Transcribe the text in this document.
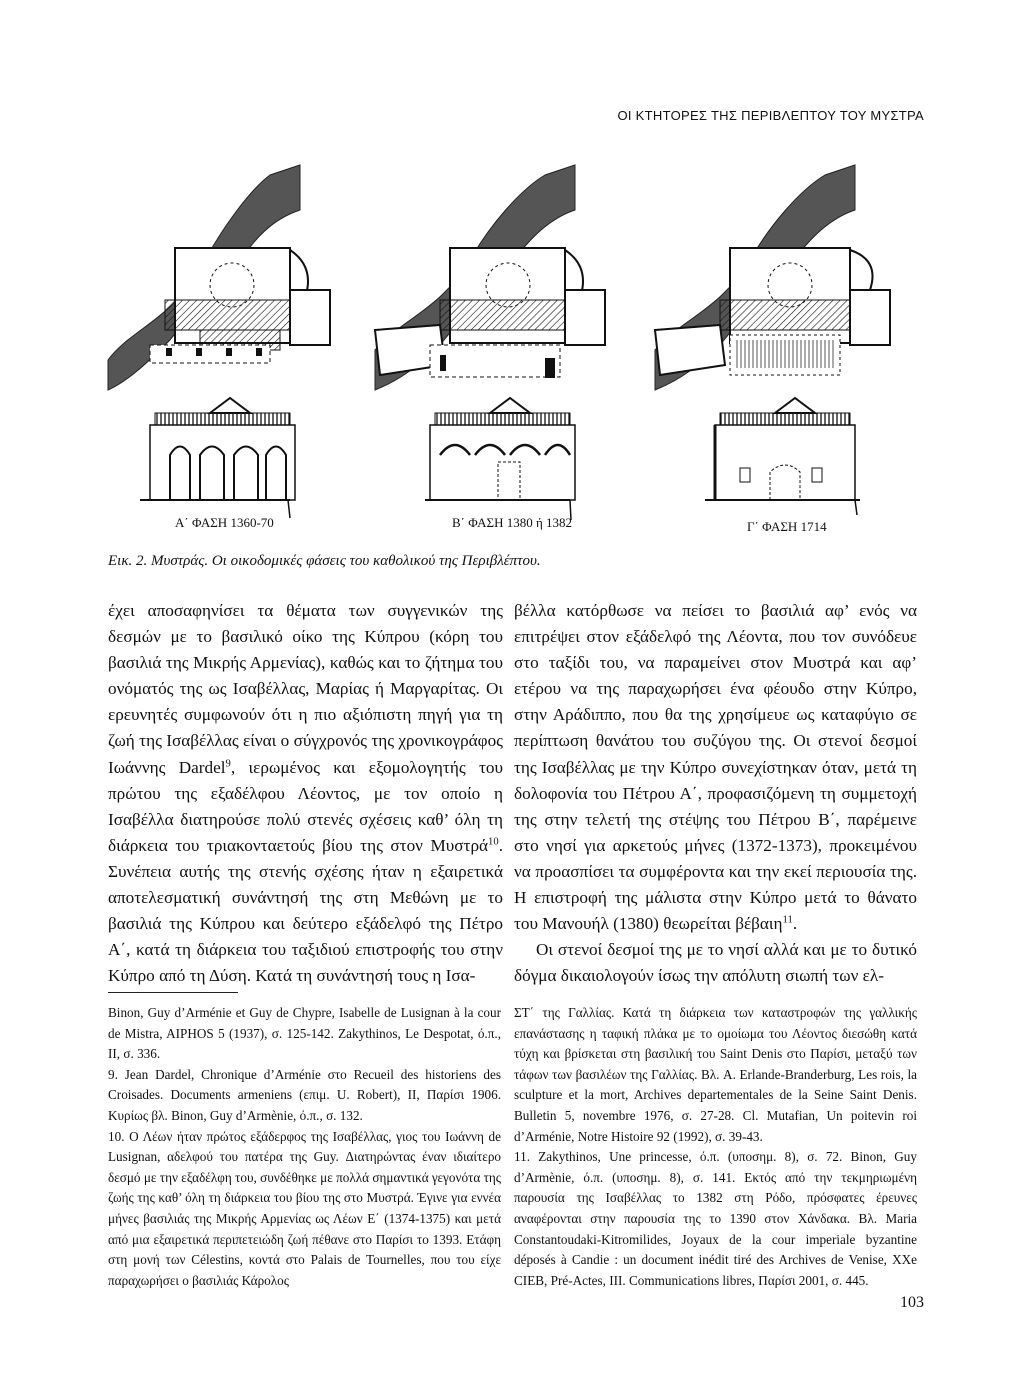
ΟΙ ΚΤΗΤΟΡΕΣ ΤΗΣ ΠΕΡΙΒΛΕΠΤΟΥ ΤΟΥ ΜΥΣΤΡΑ
Α΄ ΦΑΣΗ 1360-70	Β΄ ΦΑΣΗ 1380 ή 1382	Γ΄ ΦΑΣΗ 1714
Εικ. 2. Μυστράς. Οι οικοδομικές φάσεις του καθολικού της Περιβλέπτου.

έχει αποσαφηνίσει τα θέματα των συγγενικών της δεσμών με το βασιλικό οίκο της Κύπρου (κόρη του βασιλιά της Μικρής Αρμενίας), καθώς και το ζήτημα του ονόματός της ως Ισαβέλλας, Μαρίας ή Μαργαρίτας. Οι ερευνητές συμφωνούν ότι η πιο αξιόπιστη πηγή για τη ζωή της Ισαβέλλας είναι ο σύγχρονός της χρονικογράφος Ιωάννης Dardel$^9$, ιερωμένος και εξομολογητής του πρώτου της εξαδέλφου Λέοντος, με τον οποίο η Ισαβέλλα διατηρούσε πολύ στενές σχέσεις καθ’ όλη τη διάρκεια του τριακονταετούς βίου της στον Μυστρά$^{10}$. Συνέπεια αυτής της στενής σχέσης ήταν η εξαιρετικά αποτελεσματική συνάντησή της στη Μεθώνη με το βασιλιά της Κύπρου και δεύτερο εξάδελφό της Πέτρο Α΄, κατά τη διάρκεια του ταξιδιού επιστροφής του στην Κύπρο από τη Δύση. Κατά τη συνάντησή τους η Ισα-

βέλλα κατόρθωσε να πείσει το βασιλιά αφ’ ενός να επιτρέψει στον εξάδελφό της Λέοντα, που τον συνόδευε στο ταξίδι του, να παραμείνει στον Μυστρά και αφ’ ετέρου να της παραχωρήσει ένα φέουδο στην Κύπρο, στην Αράδιππο, που θα της χρησίμευε ως καταφύγιο σε περίπτωση θανάτου του συζύγου της. Οι στενοί δεσμοί της Ισαβέλλας με την Κύπρο συνεχίστηκαν όταν, μετά τη δολοφονία του Πέτρου Α΄, προφασιζόμενη τη συμμετοχή της στην τελετή της στέψης του Πέτρου Β΄, παρέμεινε στο νησί για αρκετούς μήνες (1372-1373), προκειμένου να προασπίσει τα συμφέροντα και την εκεί περιουσία της. Η επιστροφή της μάλιστα στην Κύπρο μετά το θάνατο του Μανουήλ (1380) θεωρείται βέβαιη$^{11}$.

Οι στενοί δεσμοί της με το νησί αλλά και με το δυτικό δόγμα δικαιολογούν ίσως την απόλυτη σιωπή των ελ-

Binon, Guy d’Arménie et Guy de Chypre, Isabelle de Lusignan à la cour de Mistra, AIPHOS 5 (1937), σ. 125-142. Zakythinos, Le Despotat, ό.π., II, σ. 336.

9. Jean Dardel, Chronique d’Arménie στο Recueil des historiens des Croisades. Documents armeniens (επιμ. U. Robert), II, Παρίσι 1906. Κυρίως βλ. Binon, Guy d’Armènie, ό.π., σ. 132.

10. Ο Λέων ήταν πρώτος εξάδερφος της Ισαβέλλας, γιος του Ιωάννη de Lusignan, αδελφού του πατέρα της Guy. Διατηρώντας έναν ιδιαίτερο δεσμό με την εξαδέλφη του, συνδέθηκε με πολλά σημαντικά γεγονότα της ζωής της καθ’ όλη τη διάρκεια του βίου της στο Μυστρά. Έγινε για εννέα μήνες βασιλιάς της Μικρής Αρμενίας ως Λέων Ε΄ (1374-1375) και μετά από μια εξαιρετικά περιπετειώδη ζωή πέθανε στο Παρίσι το 1393. Ετάφη στη μονή των Célestins, κοντά στο Palais de Tournelles, που του είχε παραχωρήσει ο βασιλιάς Κάρολος

ΣΤ΄ της Γαλλίας. Κατά τη διάρκεια των καταστροφών της γαλλικής επανάστασης η ταφική πλάκα με το ομοίωμα του Λέοντος διεσώθη κατά τύχη και βρίσκεται στη βασιλική του Saint Denis στο Παρίσι, μεταξύ των τάφων των βασιλέων της Γαλλίας. Βλ. A. Erlande-Branderburg, Les rois, la sculpture et la mort, Archives departementales de la Seine Saint Denis. Bulletin 5, novembre 1976, σ. 27-28. Cl. Mutafian, Un poitevin roi d’Arménie, Notre Histoire 92 (1992), σ. 39-43.

11. Zakythinos, Une princesse, ό.π. (υποσημ. 8), σ. 72. Binon, Guy d’Armènie, ό.π. (υποσημ. 8), σ. 141. Εκτός από την τεκμηριωμένη παρουσία της Ισαβέλλας το 1382 στη Ρόδο, πρόσφατες έρευνες αναφέρονται στην παρουσία της το 1390 στον Χάνδακα. Βλ. Maria Constantoudaki-Kitromilides, Joyaux de la cour imperiale byzantine déposés à Candie : un document inédit tiré des Archives de Venise, XXe CIEB, Pré-Actes, III. Communications libres, Παρίσι 2001, σ. 445.

103
